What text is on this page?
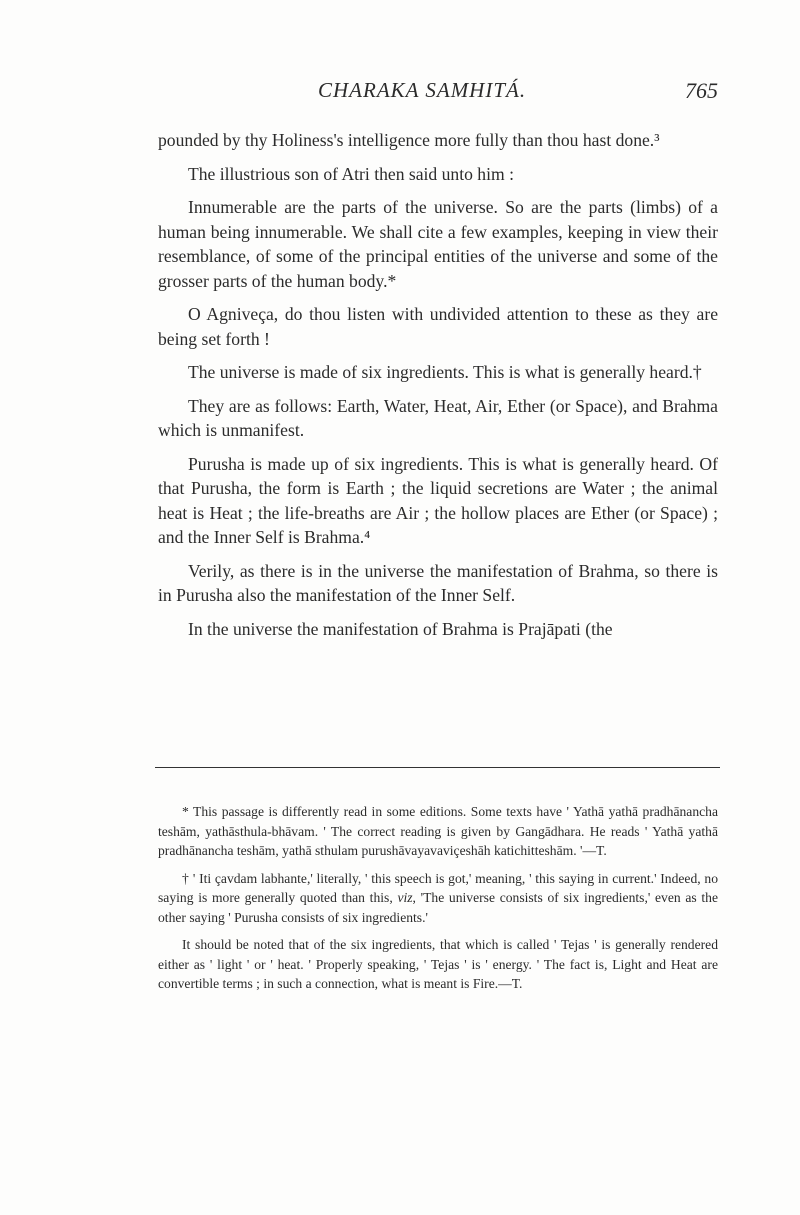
CHARAKA SAMHITÁ.	765

pounded by thy Holiness's intelligence more fully than thou hast done.³

The illustrious son of Atri then said unto him :

Innumerable are the parts of the universe. So are the parts (limbs) of a human being innumerable. We shall cite a few examples, keeping in view their resemblance, of some of the principal entities of the universe and some of the grosser parts of the human body.*

O Agniveça, do thou listen with undivided attention to these as they are being set forth !

The universe is made of six ingredients. This is what is generally heard.†

They are as follows: Earth, Water, Heat, Air, Ether (or Space), and Brahma which is unmanifest.

Purusha is made up of six ingredients. This is what is generally heard. Of that Purusha, the form is Earth ; the liquid secretions are Water ; the animal heat is Heat ; the life-breaths are Air ; the hollow places are Ether (or Space) ; and the Inner Self is Brahma.⁴

Verily, as there is in the universe the manifestation of Brahma, so there is in Purusha also the manifestation of the Inner Self.

In the universe the manifestation of Brahma is Prajāpati (the

* This passage is differently read in some editions. Some texts have ' Yathā yathā pradhānancha teshām, yathāsthula-bhāvam. ' The correct reading is given by Gangādhara. He reads ' Yathā yathā pradhānancha teshām, yathā sthulam purushāvayavaviçeshāh katichitteshām. '—T.

† ' Iti çavdam labhante,' literally, ' this speech is got,' meaning, ' this saying in current.' Indeed, no saying is more generally quoted than this, viz, 'The universe consists of six ingredients,' even as the other saying ' Purusha consists of six ingredients.'

It should be noted that of the six ingredients, that which is called ' Tejas ' is generally rendered either as ' light ' or ' heat. ' Properly speaking, ' Tejas ' is ' energy. ' The fact is, Light and Heat are convertible terms ; in such a connection, what is meant is Fire.—T.
